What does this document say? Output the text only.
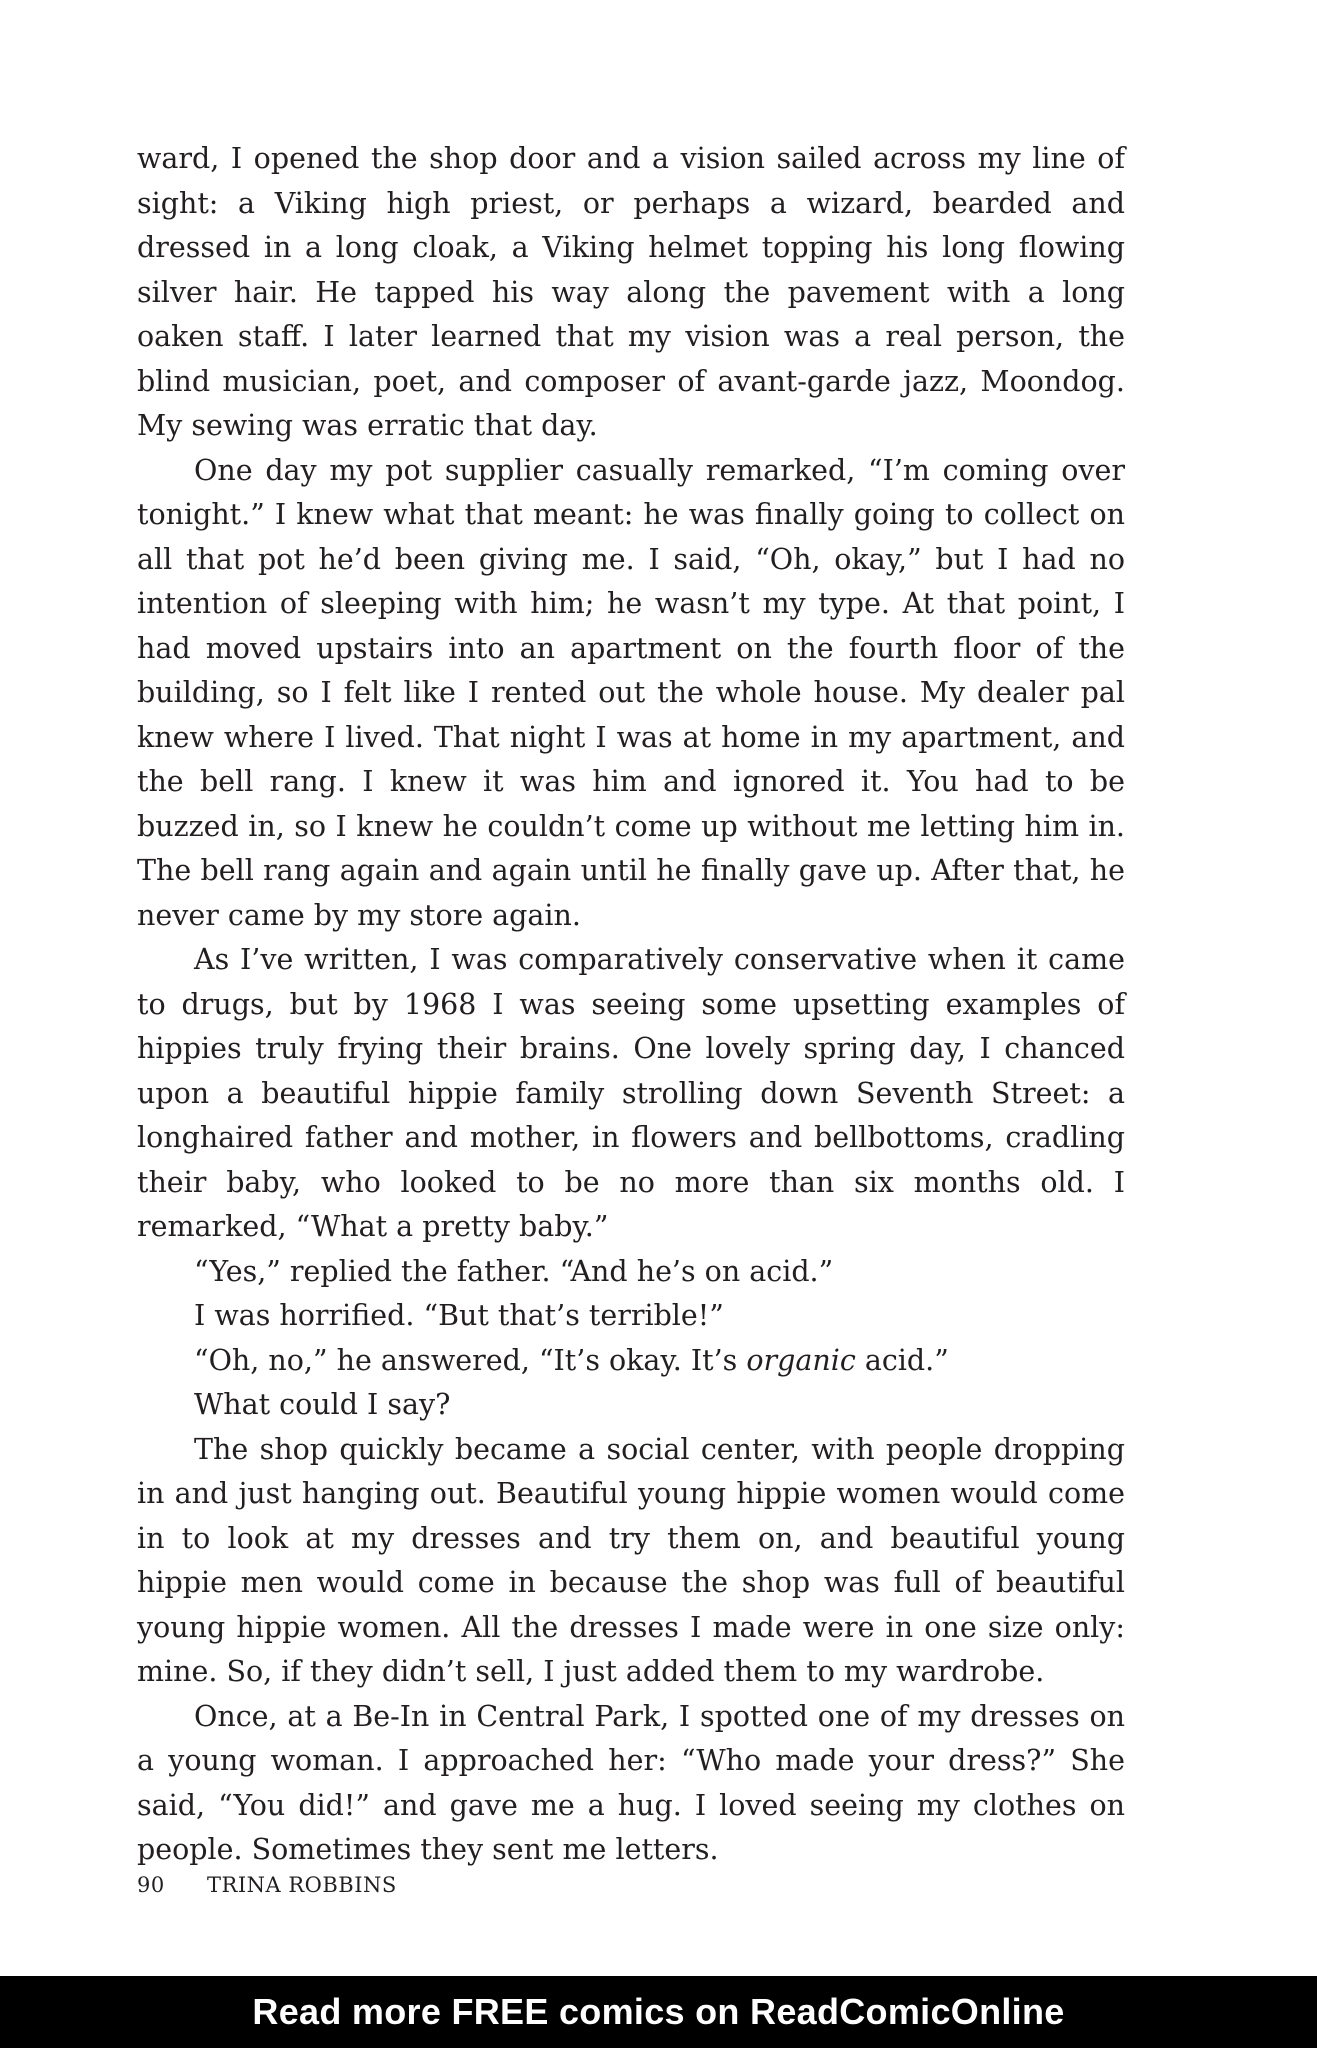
ward, I opened the shop door and a vision sailed across my line of sight: a Viking high priest, or perhaps a wizard, bearded and dressed in a long cloak, a Viking helmet topping his long flowing silver hair. He tapped his way along the pavement with a long oaken staff. I later learned that my vision was a real person, the blind musician, poet, and composer of avant-garde jazz, Moondog. My sewing was erratic that day.

One day my pot supplier casually remarked, “I’m coming over tonight.” I knew what that meant: he was finally going to collect on all that pot he’d been giving me. I said, “Oh, okay,” but I had no intention of sleeping with him; he wasn’t my type. At that point, I had moved upstairs into an apartment on the fourth floor of the building, so I felt like I rented out the whole house. My dealer pal knew where I lived. That night I was at home in my apartment, and the bell rang. I knew it was him and ignored it. You had to be buzzed in, so I knew he couldn’t come up without me letting him in. The bell rang again and again until he finally gave up. After that, he never came by my store again.

As I’ve written, I was comparatively conservative when it came to drugs, but by 1968 I was seeing some upsetting examples of hippies truly frying their brains. One lovely spring day, I chanced upon a beautiful hippie family strolling down Seventh Street: a longhaired father and mother, in flowers and bellbottoms, cradling their baby, who looked to be no more than six months old. I remarked, “What a pretty baby.”

“Yes,” replied the father. “And he’s on acid.”

I was horrified. “But that’s terrible!”

“Oh, no,” he answered, “It’s okay. It’s organic acid.”

What could I say?

The shop quickly became a social center, with people dropping in and just hanging out. Beautiful young hippie women would come in to look at my dresses and try them on, and beautiful young hippie men would come in because the shop was full of beautiful young hippie women. All the dresses I made were in one size only: mine. So, if they didn’t sell, I just added them to my wardrobe.

Once, at a Be-In in Central Park, I spotted one of my dresses on a young woman. I approached her: “Who made your dress?” She said, “You did!” and gave me a hug. I loved seeing my clothes on people. Sometimes they sent me letters.

90 TRINA ROBBINS
Read more FREE comics on ReadComicOnline
